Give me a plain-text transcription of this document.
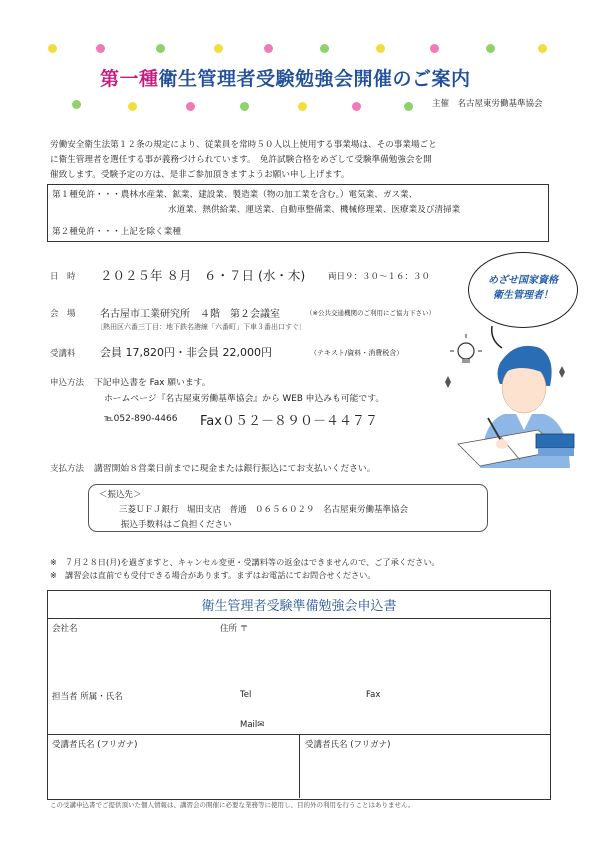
第一種衛生管理者受験勉強会開催のご案内
主催　名古屋東労働基準協会
労働安全衛生法第１２条の規定により、従業員を常時５０人以上使用する事業場は、その事業場ごと
に衛生管理者を選任する事が義務づけられています。　免許試験合格をめざして受験準備勉強会を開
催致します。受験予定の方は、是非ご参加頂きますようお願い申し上げます。
第１種免許・・・農林水産業、鉱業、建設業、製造業（物の加工業を含む。）電気業、ガス業、
水道業、熱供給業、運送業、自動車整備業、機械修理業、医療業及び清掃業
第２種免許・・・上記を除く業種
日　時 ２０２５年 ８月　６・７日 (水・木)	両日９：３０～１６：３０
会　場 名古屋市工業研究所　４階　第２会議室	（※公共交通機関のご利用にご協力下さい）
〔熱田区六番三丁目：地下鉄名港線「六番町」下車３番出口すぐ〕
受講料 会員 17,820円・非会員 22,000円	（テキスト/資料・消費税含）
申込方法 下記申込書を Fax 願います。
ホームページ『名古屋東労働基準協会』から WEB 申込みも可能です。
℡052-890-4466 Fax０５２－８９０－４４７７
支払方法 講習開始８営業日前までに現金または銀行振込にてお支払いください。
＜振込先＞
三菱ＵＦＪ銀行　堀田支店　普通　０６５６０２９　名古屋東労働基準協会
振込手数料はご負担ください
めざせ国家資格
衛生管理者！
※　７月２８日(月)を過ぎますと、キャンセル変更・受講料等の返金はできませんので、ご了承ください。
※　講習会は直前でも受付できる場合があります。まずはお電話にてお問合せください。
衛生管理者受験準備勉強会申込書
会社名	住所 〒
担当者 所属・氏名	Tel	Fax
Mail✉
受講者氏名 (フリガナ)	受講者氏名 (フリガナ)
この受講申込書でご提供頂いた個人情報は、講習会の開催に必要な業務等に使用し、目的外の利用を行うことはありません。
